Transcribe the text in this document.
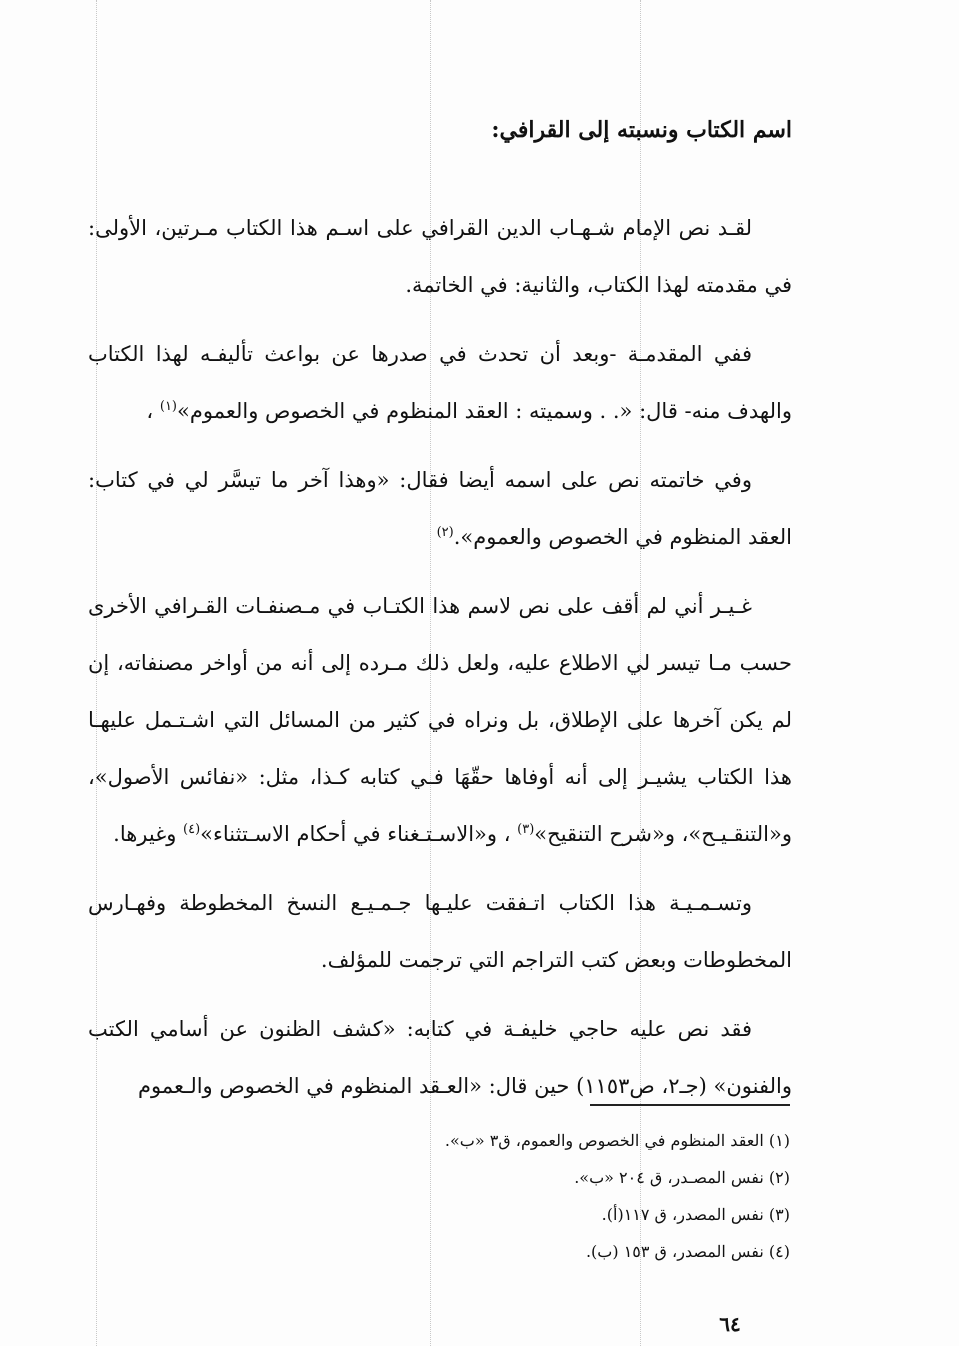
اسم الكتاب ونسبته إلى القرافي:

لقـد نص الإمام شـهـاب الدين القرافي على اسـم هذا الكتاب مـرتين، الأولى: في مقدمته لهذا الكتاب، والثانية: في الخاتمة.

ففي المقدمـة -وبعد أن تحدث في صدرها عن بواعث تأليفـه لهذا الكتاب والهدف منه- قال: «. . وسميته : العقد المنظوم في الخصوص والعموم»$^{(١)}$ ،

وفي خاتمته نص على اسمه أيضا فقال: «وهذا آخر ما تيسَّر لي في كتاب: العقد المنظوم في الخصوص والعموم».$^{(٢)}$

غـيـر أني لم أقف على نص لاسم هذا الكتـاب في مـصنفـات القـرافي الأخرى حسب مـا تيسر لي الاطلاع عليه، ولعل ذلك مـرده إلى أنه من أواخر مصنفاته، إن لم يكن آخرها على الإطلاق، بل ونراه في كثير من المسائل التي اشـتـمل عليهـا هذا الكتاب يشيـر إلى أنه أوفاها حقّهَا فـي كتابه كـذا، مثل: «نفائس الأصول»، و«التنقـيـح»، و«شرح التنقيح»$^{(٣)}$ ، و«الاسـتـغناء في أحكام الاسـتثناء»$^{(٤)}$ وغيرها.

وتسـمـيـة هذا الكتاب اتـفقت عليـها جـمـيـع النسخ المخطوطة وفهـارس المخطوطات وبعض كتب التراجم التي ترجمت للمؤلف.

فقد نص عليه حاجي خليفـة في كتابه: «كشف الظنون عن أسامي الكتب والفنون» (جـ٢، ص١١٥٣) حين قال: «العـقد المنظوم في الخصوص والـعموم

(١) العقد المنظوم في الخصوص والعموم، ق٣ «ب».

(٢) نفس المصـدر، ق ٢٠٤ «ب».

(٣) نفس المصدر، ق ١١٧(أ).

(٤) نفس المصدر، ق ١٥٣ (ب).

٦٤
